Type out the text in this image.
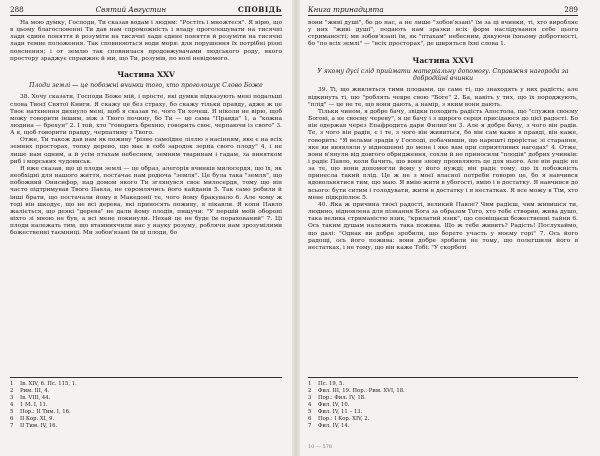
288	Святий Августин	СПОВІДЬ

На мою думку, Господи, Ти сказав водам і людям: "Ростіть і множтеся". Я вірю, що в цьому благословенні Ти дав нам спроможність і владу проголошувати на тисячні ладн єдине поняття й розуміти на тисячні ладн єдине поняття й розуміти на тисячні ладн темне положення. Так сповнюються води моря: для порушення їх потрібні різні пояснення; і от землю так сповнилася продовжувачами людського роду, якого простору зраджує справжнє й ми, що Ти, розумів, по волі невідомого.

Частина XXV
Плоди землі — це побожні вчинки того, хто проголошує Слово Боже

38. Хочу сказати, Господи Боже мій, і просте, які думки підказують мені подальші слова Твоєї Святої Книги. Я скажу це без страху, бо скажу тільки правду, адже ж це Твоє натхнення дихнуло мені, щоб я сказав те, чого Ти хочеш. Я ніколи не вірю, щоб можу говорити іншим, ніж з Твого почину, бо Ти — це сама "Правда" 1, а "кожна людина — брехун" 2. І той, хто "говорить брехню, говорить своє, черпаючи із свого" 3. А я, щоб говорити правду, черпатиму з Твого.

Отже, Ти також дав нам як поживу "різне самоїдне ліллю з насінням, яке є на всіх земних просторах, топку дерево, що має в собі зародок зерна свого плоду" 4, і не лише нам одним, а й усім птахам небесним, земним тваринам і гадам, за винятком риб і морських чудовиськ.

Я вже сказав, що ці плоди землі — це образ, алегорія вчинків милосердя, що їх, як необхідні для нашого життя, постачає нам родюча "земля". Це була така "земля", що побожний Онисифор, над домом якого Ти зглянувся своє милосердя, тому що він часто підтримував Твого Павла, не соромлячись його кайданів 5. Так само робили й інші брати, що постачали йому в Македонії те, чого йому бракувало 6. Але чому ж тоді він шкодує, що не всі дерева, які приносять поживу, я пікавли. Я копи Павло жаліється, що деякі "дерева" не дали йому плодів, пишучи: "У першій моїй обороні ніхто зі мною не був, а всі мене покинули. Нехай це не буде їм порахований" 7. Ці плоди належать тим, що втамнихчили нас у науку розуму, роблячи нам зрозумілими божественні таємниці. Ми зобов'язані їм ці плоди, бо

1 Ів. XIV, 6. Пс. 115, 1.
2 Рим. III, 4.
3 Ів. VIII, 44.
4 1 М. І, 11.
5 Пор.: ІІ Тим. І, 16.
6 ІІ Кор. XI, 9.
7 ІІ Тим. IV, 16.
Книга тринадцята	289

вони "живі душі", бо до нас, а не лише "зобов'язані" їм за ці вчинки, ті, хто виробляє у них "живі душі", подають нам зразки всіх форм наслідування себе цього стриманості; ми зобов'язані їм, як "птахам" небесним, дякуючи їхньому добротності, бо "по всіх землі" — "всіх просторах", де ширяться їхні слова 1.

Частина XXVI
У якому дусі слід приймати матеріальну допомогу. Справжня нагорода за добродійні вчинки

39. Ті, що живляться тими плодами, це саме ті, що знаходять у них радість; але відкинуть ті, що "роблять чевре свою "Боге" 2. Ба, навіть у тих, що їх породжують, "плід" — це не те, що вони дають, а намір, з яким вони дають.

Тільки чином, я добре бачу, звідки походить радість Апостола, що "служив своєму Богові, а не своєму череву", я це бачу і з щирого серця присідаюся до цієї радості. Бо він одержав через Епафродита дари Филип'ян 3. Але я добре бачу, з чого він радів. Те, з чого він радів, є і те, з чого він живиться, бо він сам каже в правді, він каже, говорить: "Я вельми зрадів у Господі, побачивши, що нарешті прорістає зі старання, яке ви виявляли у відношенні до мене і яке вам при сприятливих нагодах" 4. Отже, вони в'янули від довгого обридження, сохли й не приносили "плодів" добрих учинків: і радіє Павло, коли бачить, що вони знову проявляють це для нього. Але він радіє не за те, що вони допомогли йому у його нужді; він радіє тому, що їх побожність принесла такий плід. Це ж не з моєї власної потреби говорю це, бо я навчився вдовольнятися тим, що маю. Я вмію жити в убогості, вмію і в достатку. Я навчився до всього: бути ситим і голодувати, жити в достатку і в нестатках. Я все можу в Тім, хто мене підкріплює 5.

40. Яка ж причина твоєї радості, великий Павле? Чим радієш, чим живишся ти, людино, відновлена для пізнання Бога за образом Того, хто тебе створив, жива душо, така велика стриманістю язик, "крилатий язик", що сповіщаєш божественні тайни 6. Ось таким душам належить така пожива. Що ж тебе живить? Радість! Послухаймо, що далі: "Однак ви добре зробили, що берете участь у моєму горі" 7. Ось його радощі, ось його пожива: вони добре зробили не тому, що полегшили його в нестатках, і не тому, що він каже Тобі: "У скорботі

1 Пс. 19, 5.
2 Фил. III, 19. Пор.: Рим. XVI, 18.
3 Пор.: Фил. IV, 18.
4 Фил. IV, 10.
5 Фил. IV, 11 – 13.
6 Пор.: І Кор. XIV, 2.
7 Фил. IV, 14.
10 — 578
